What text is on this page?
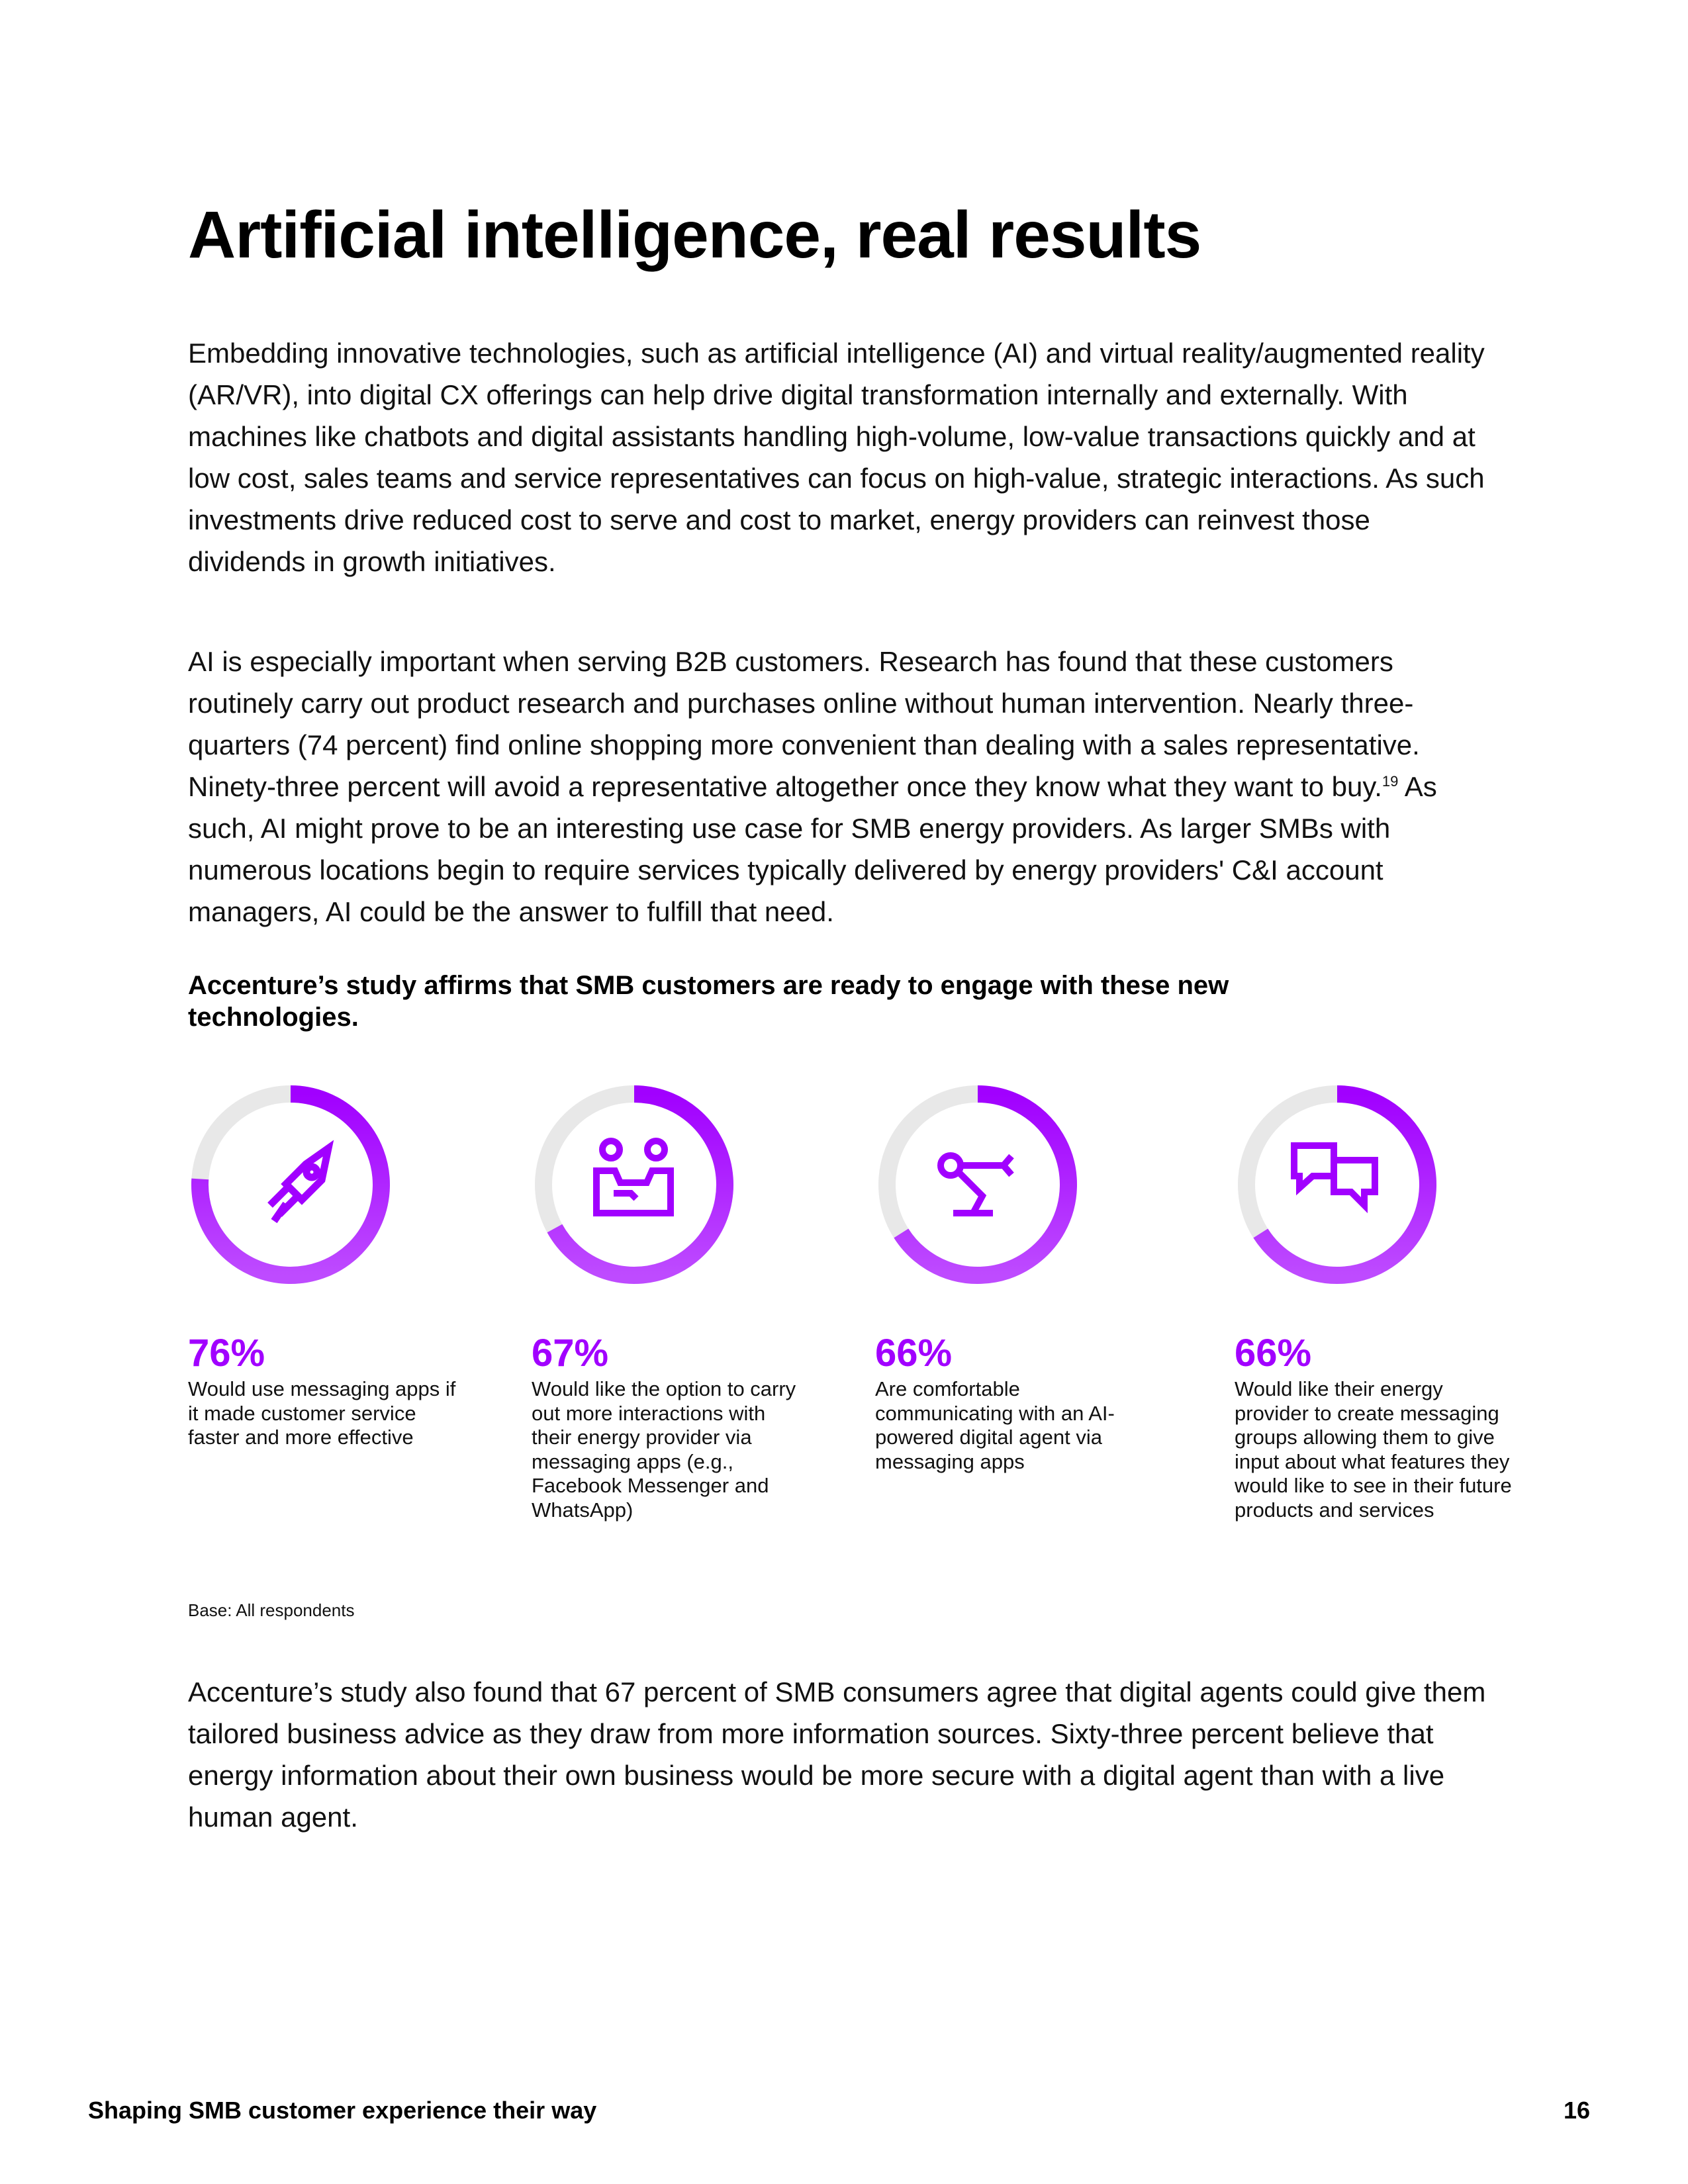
Artificial intelligence, real results

Embedding innovative technologies, such as artificial intelligence (AI) and virtual reality/augmented reality (AR/VR), into digital CX offerings can help drive digital transformation internally and externally. With machines like chatbots and digital assistants handling high-volume, low-value transactions quickly and at low cost, sales teams and service representatives can focus on high-value, strategic interactions. As such investments drive reduced cost to serve and cost to market, energy providers can reinvest those dividends in growth initiatives.

AI is especially important when serving B2B customers. Research has found that these customers routinely carry out product research and purchases online without human intervention. Nearly three-quarters (74 percent) find online shopping more convenient than dealing with a sales representative. Ninety-three percent will avoid a representative altogether once they know what they want to buy.$^{19}$ As such, AI might prove to be an interesting use case for SMB energy providers. As larger SMBs with numerous locations begin to require services typically delivered by energy providers' C&I account managers, AI could be the answer to fulfill that need.

Accenture’s study affirms that SMB customers are ready to engage with these new technologies.

76%
Would use messaging apps if it made customer service faster and more effective
67%
Would like the option to carry out more interactions with their energy provider via messaging apps (e.g., Facebook Messenger and WhatsApp)
66%
Are comfortable communicating with an AI-powered digital agent via messaging apps
66%
Would like their energy provider to create messaging groups allowing them to give input about what features they would like to see in their future products and services
Base: All respondents

Accenture’s study also found that 67 percent of SMB consumers agree that digital agents could give them tailored business advice as they draw from more information sources. Sixty-three percent believe that energy information about their own business would be more secure with a digital agent than with a live human agent.

Shaping SMB customer experience their way	16
